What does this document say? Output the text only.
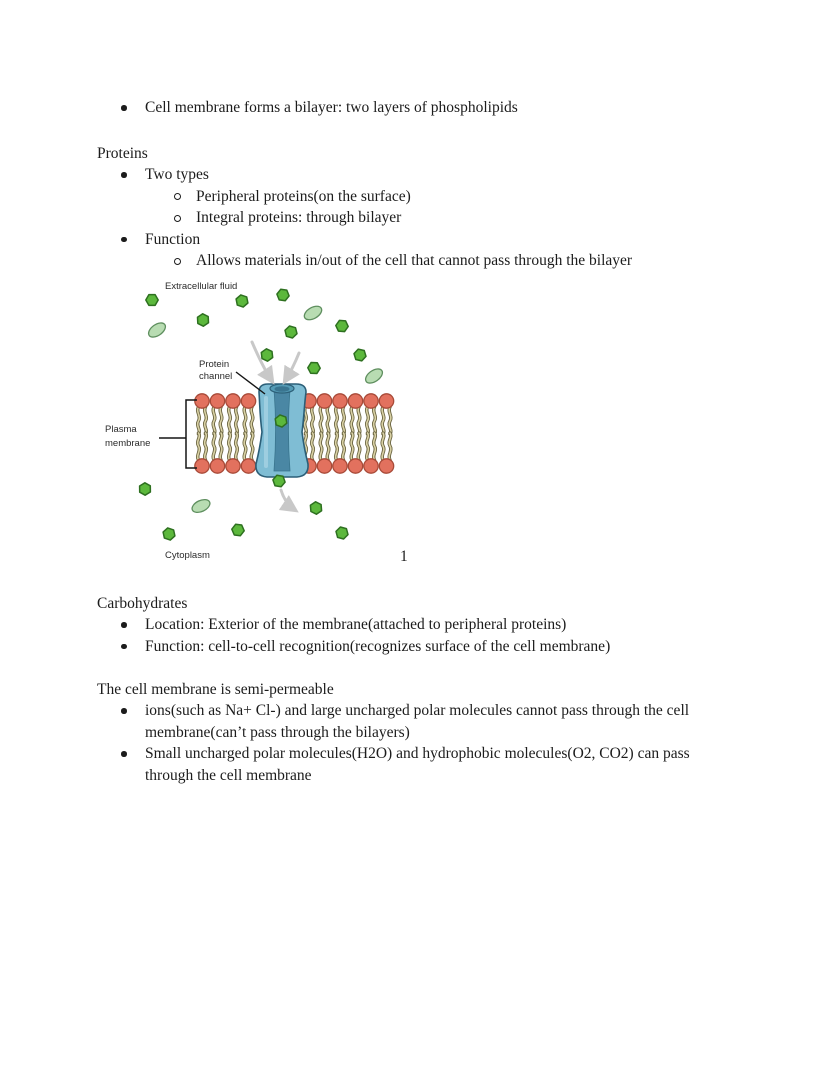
Cell membrane forms a bilayer: two layers of phospholipids
Proteins
Two types
Peripheral proteins(on the surface)
Integral proteins: through bilayer
Function
Allows materials in/out of the cell that cannot pass through the bilayer
Extracellular fluid
Protein
channel
Plasma
membrane
Cytoplasm	1
Carbohydrates
Location: Exterior of the membrane(attached to peripheral proteins)
Function: cell-to-cell recognition(recognizes surface of the cell membrane)
The cell membrane is semi-permeable
ions(such as Na+ Cl-) and large uncharged polar molecules cannot pass through the cell
membrane(can’t pass through the bilayers)
Small uncharged polar molecules(H2O) and hydrophobic molecules(O2, CO2) can pass
through the cell membrane
